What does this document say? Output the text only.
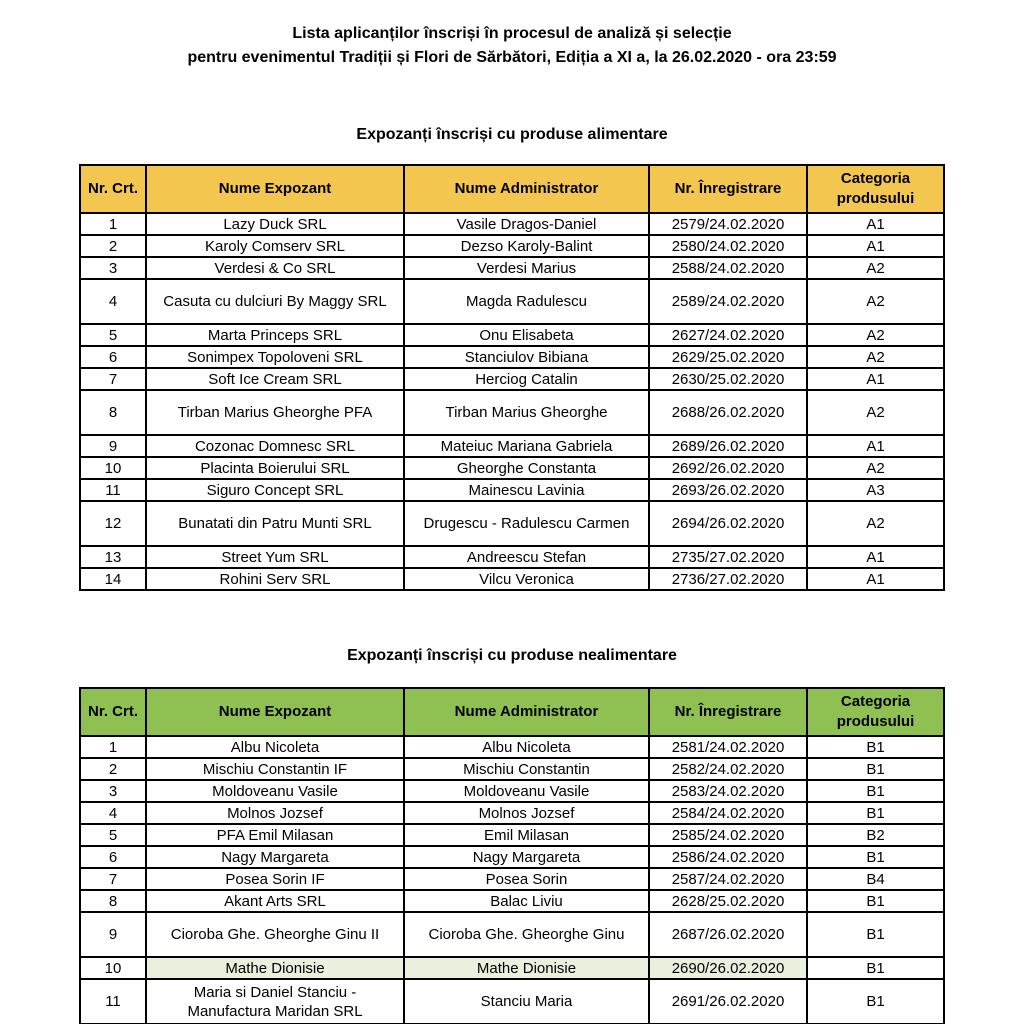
Lista aplicanților înscriși în procesul de analiză și selecție
pentru evenimentul Tradiții și Flori de Sărbători, Ediția a XI a, la 26.02.2020 - ora 23:59
Expozanți înscriși cu produse alimentare
Nr. Crt.	Nume Expozant	Nume Administrator	Nr. Înregistrare	Categoria produsului
1	Lazy Duck SRL	Vasile Dragos-Daniel	2579/24.02.2020	A1
2	Karoly Comserv SRL	Dezso Karoly-Balint	2580/24.02.2020	A1
3	Verdesi & Co SRL	Verdesi Marius	2588/24.02.2020	A2
4	Casuta cu dulciuri By Maggy SRL	Magda Radulescu	2589/24.02.2020	A2
5	Marta Princeps SRL	Onu Elisabeta	2627/24.02.2020	A2
6	Sonimpex Topoloveni SRL	Stanciulov Bibiana	2629/25.02.2020	A2
7	Soft Ice Cream SRL	Herciog Catalin	2630/25.02.2020	A1
8	Tirban Marius Gheorghe PFA	Tirban Marius Gheorghe	2688/26.02.2020	A2
9	Cozonac Domnesc SRL	Mateiuc Mariana Gabriela	2689/26.02.2020	A1
10	Placinta Boierului SRL	Gheorghe Constanta	2692/26.02.2020	A2
11	Siguro Concept SRL	Mainescu Lavinia	2693/26.02.2020	A3
12	Bunatati din Patru Munti SRL	Drugescu - Radulescu Carmen	2694/26.02.2020	A2
13	Street Yum SRL	Andreescu Stefan	2735/27.02.2020	A1
14	Rohini Serv SRL	Vilcu Veronica	2736/27.02.2020	A1
Expozanți înscriși cu produse nealimentare
Nr. Crt.	Nume Expozant	Nume Administrator	Nr. Înregistrare	Categoria produsului
1	Albu Nicoleta	Albu Nicoleta	2581/24.02.2020	B1
2	Mischiu Constantin IF	Mischiu Constantin	2582/24.02.2020	B1
3	Moldoveanu Vasile	Moldoveanu Vasile	2583/24.02.2020	B1
4	Molnos Jozsef	Molnos Jozsef	2584/24.02.2020	B1
5	PFA Emil Milasan	Emil Milasan	2585/24.02.2020	B2
6	Nagy Margareta	Nagy Margareta	2586/24.02.2020	B1
7	Posea Sorin IF	Posea Sorin	2587/24.02.2020	B4
8	Akant Arts SRL	Balac Liviu	2628/25.02.2020	B1
9	Cioroba Ghe. Gheorghe Ginu II	Cioroba Ghe. Gheorghe Ginu	2687/26.02.2020	B1
10	Mathe Dionisie	Mathe Dionisie	2690/26.02.2020	B1
11	Maria si Daniel Stanciu - Manufactura Maridan SRL	Stanciu Maria	2691/26.02.2020	B1
